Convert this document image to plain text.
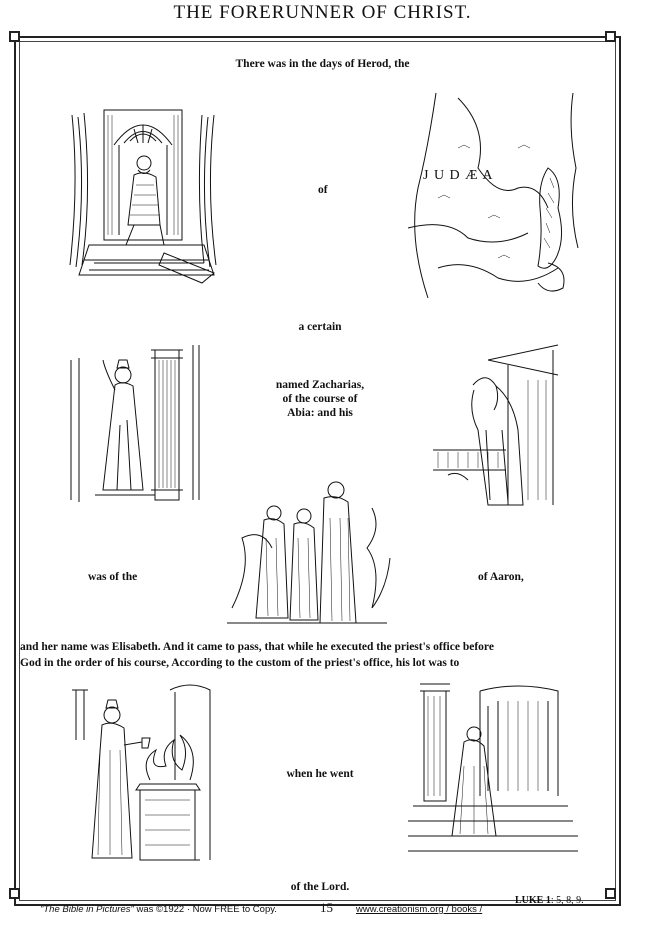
THE FORERUNNER OF CHRIST.
There was in the days of Herod, the
of
a certain
named Zacharias,
of the course of
Abia: and his
was of the	of Aaron,
and her name was Elisabeth. And it came to pass, that while he executed the priest's office before
God in the order of his course, According to the custom of the priest's office, his lot was to
when he went
of the Lord.
J U D Æ A
"The Bible in Pictures" was ©1922 · Now FREE to Copy.	15 www.creationism.org / books /
LUKE 1: 5, 8, 9.
